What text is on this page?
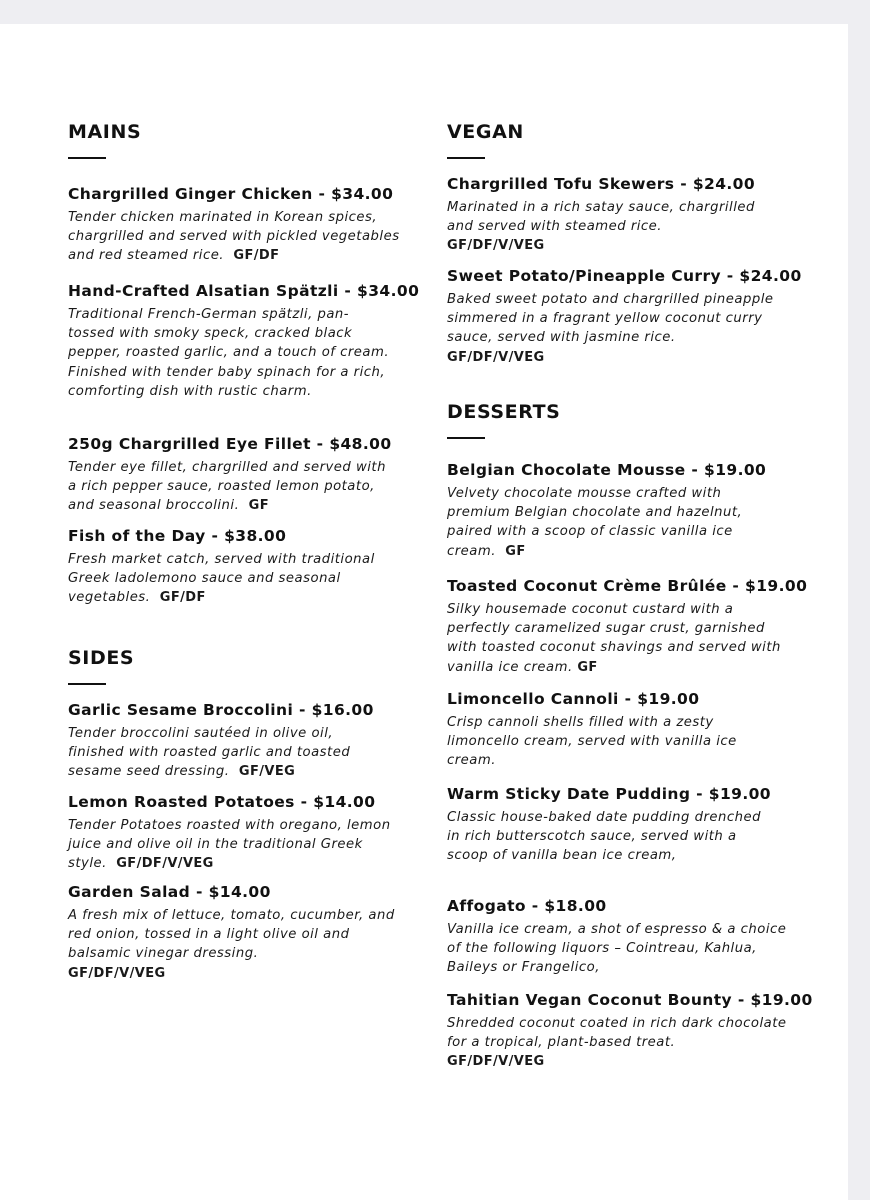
MAINS
Chargrilled Ginger Chicken - $34.00
Tender chicken marinated in Korean spices, chargrilled and served with pickled vegetables and red steamed rice. GF/DF
Hand-Crafted Alsatian Spätzli - $34.00
Traditional French-German spätzli, pan-tossed with smoky speck, cracked black pepper, roasted garlic, and a touch of cream. Finished with tender baby spinach for a rich, comforting dish with rustic charm.
250g Chargrilled Eye Fillet - $48.00
Tender eye fillet, chargrilled and served with a rich pepper sauce, roasted lemon potato, and seasonal broccolini. GF
Fish of the Day - $38.00
Fresh market catch, served with traditional Greek ladolemono sauce and seasonal vegetables. GF/DF
SIDES
Garlic Sesame Broccolini - $16.00
Tender broccolini sautéed in olive oil, finished with roasted garlic and toasted sesame seed dressing. GF/VEG
Lemon Roasted Potatoes - $14.00
Tender Potatoes roasted with oregano, lemon juice and olive oil in the traditional Greek style. GF/DF/V/VEG
Garden Salad - $14.00
A fresh mix of lettuce, tomato, cucumber, and red onion, tossed in a light olive oil and balsamic vinegar dressing.
GF/DF/V/VEG
VEGAN
Chargrilled Tofu Skewers - $24.00
Marinated in a rich satay sauce, chargrilled and served with steamed rice.
GF/DF/V/VEG
Sweet Potato/Pineapple Curry - $24.00
Baked sweet potato and chargrilled pineapple simmered in a fragrant yellow coconut curry sauce, served with jasmine rice.
GF/DF/V/VEG
DESSERTS
Belgian Chocolate Mousse - $19.00
Velvety chocolate mousse crafted with premium Belgian chocolate and hazelnut, paired with a scoop of classic vanilla ice cream. GF
Toasted Coconut Crème Brûlée - $19.00
Silky housemade coconut custard with a perfectly caramelized sugar crust, garnished with toasted coconut shavings and served with vanilla ice cream. GF
Limoncello Cannoli - $19.00
Crisp cannoli shells filled with a zesty limoncello cream, served with vanilla ice cream.
Warm Sticky Date Pudding - $19.00
Classic house-baked date pudding drenched in rich butterscotch sauce, served with a scoop of vanilla bean ice cream,
Affogato - $18.00
Vanilla ice cream, a shot of espresso & a choice of the following liquors – Cointreau, Kahlua, Baileys or Frangelico,
Tahitian Vegan Coconut Bounty - $19.00
Shredded coconut coated in rich dark chocolate for a tropical, plant-based treat.
GF/DF/V/VEG
